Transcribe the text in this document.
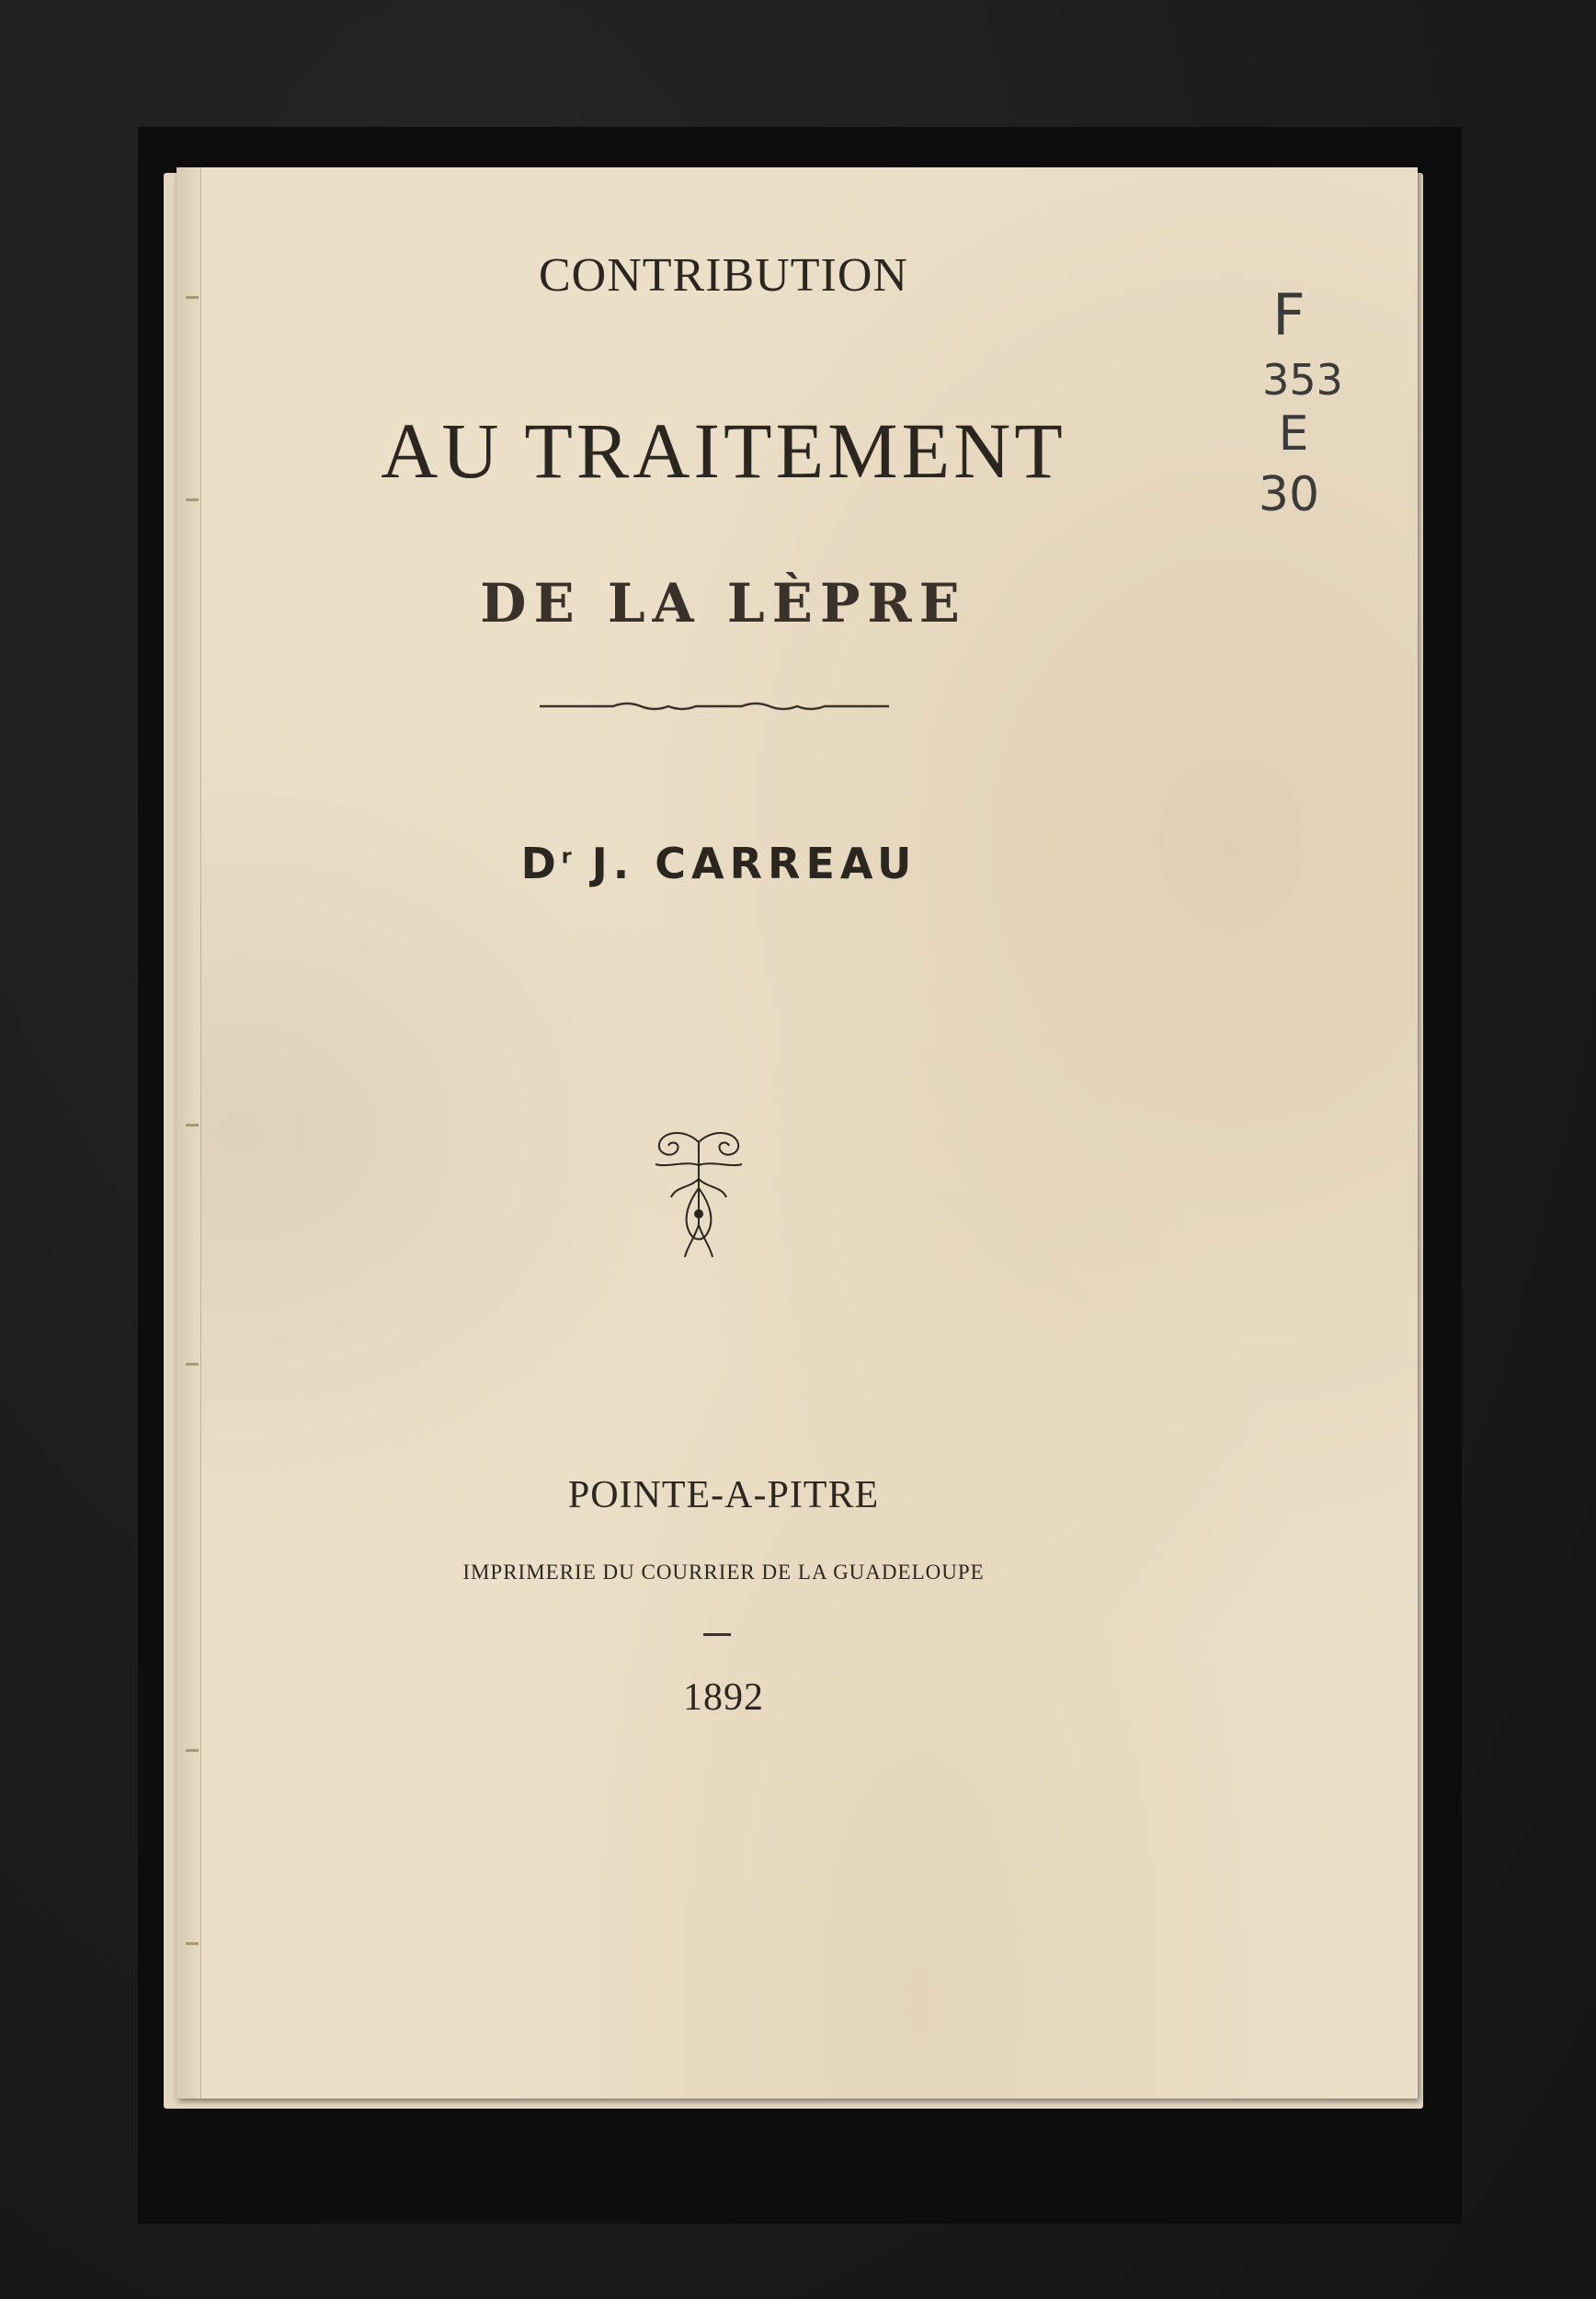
CONTRIBUTION
AU TRAITEMENT
DE LA LÈPRE
$D^r$ J. CARREAU
POINTE-A-PITRE
IMPRIMERIE DU COURRIER DE LA GUADELOUPE
1892
F
353
E
30
